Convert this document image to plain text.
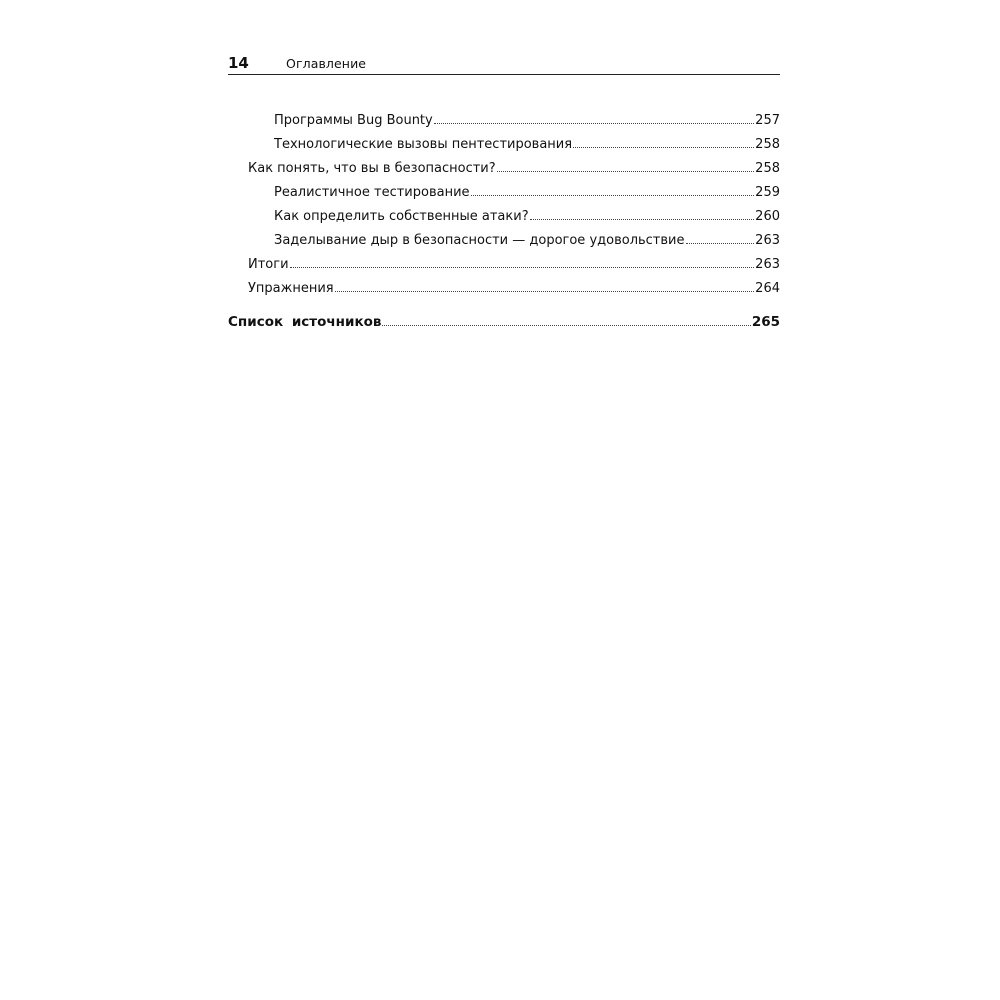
14	Оглавление
Программы Bug Bounty	257
Технологические вызовы пентестирования	258
Как понять, что вы в безопасности?	258
Реалистичное тестирование	259
Как определить собственные атаки?	260
Заделывание дыр в безопасности — дорогое удовольствие	263
Итоги	263
Упражнения	264
Список источников	265
